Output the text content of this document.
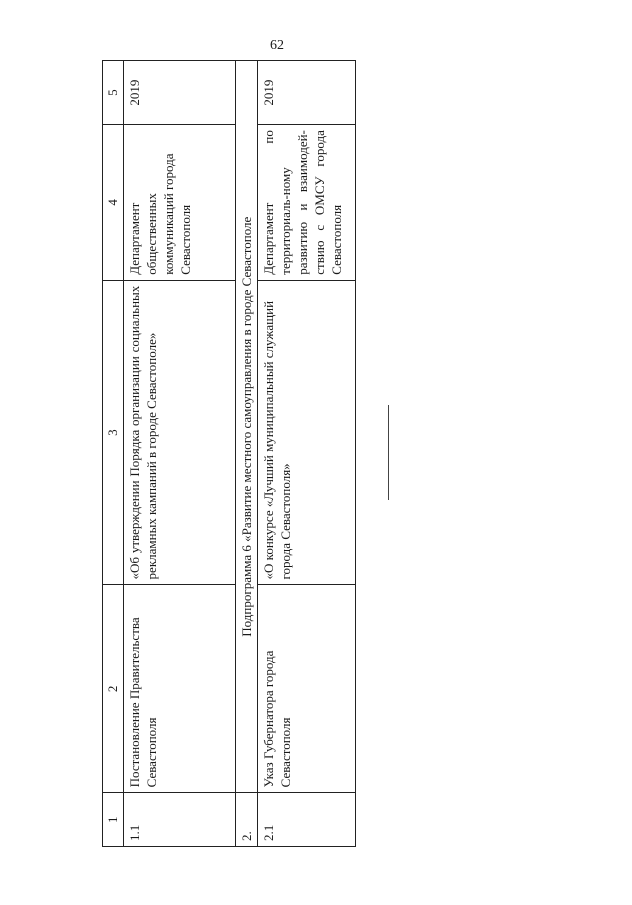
62
1	2	3	4	5
1.1	Постановление Правительства Севастополя	«Об утверждении Порядка организации социальных рекламных кампаний в городе Севастополе»	Департамент общественных коммуникаций города Севастополя	2019
2.	Подпрограмма 6 «Развитие местного самоуправления в городе Севастополе			
2.1	Указ Губернатора города Севастополя	«О конкурсе «Лучший муниципальный служащий города Севастополя»	Департамент по территориаль-ному развитию и взаимодей-ствию с ОМСУ города Севастополя	2019
